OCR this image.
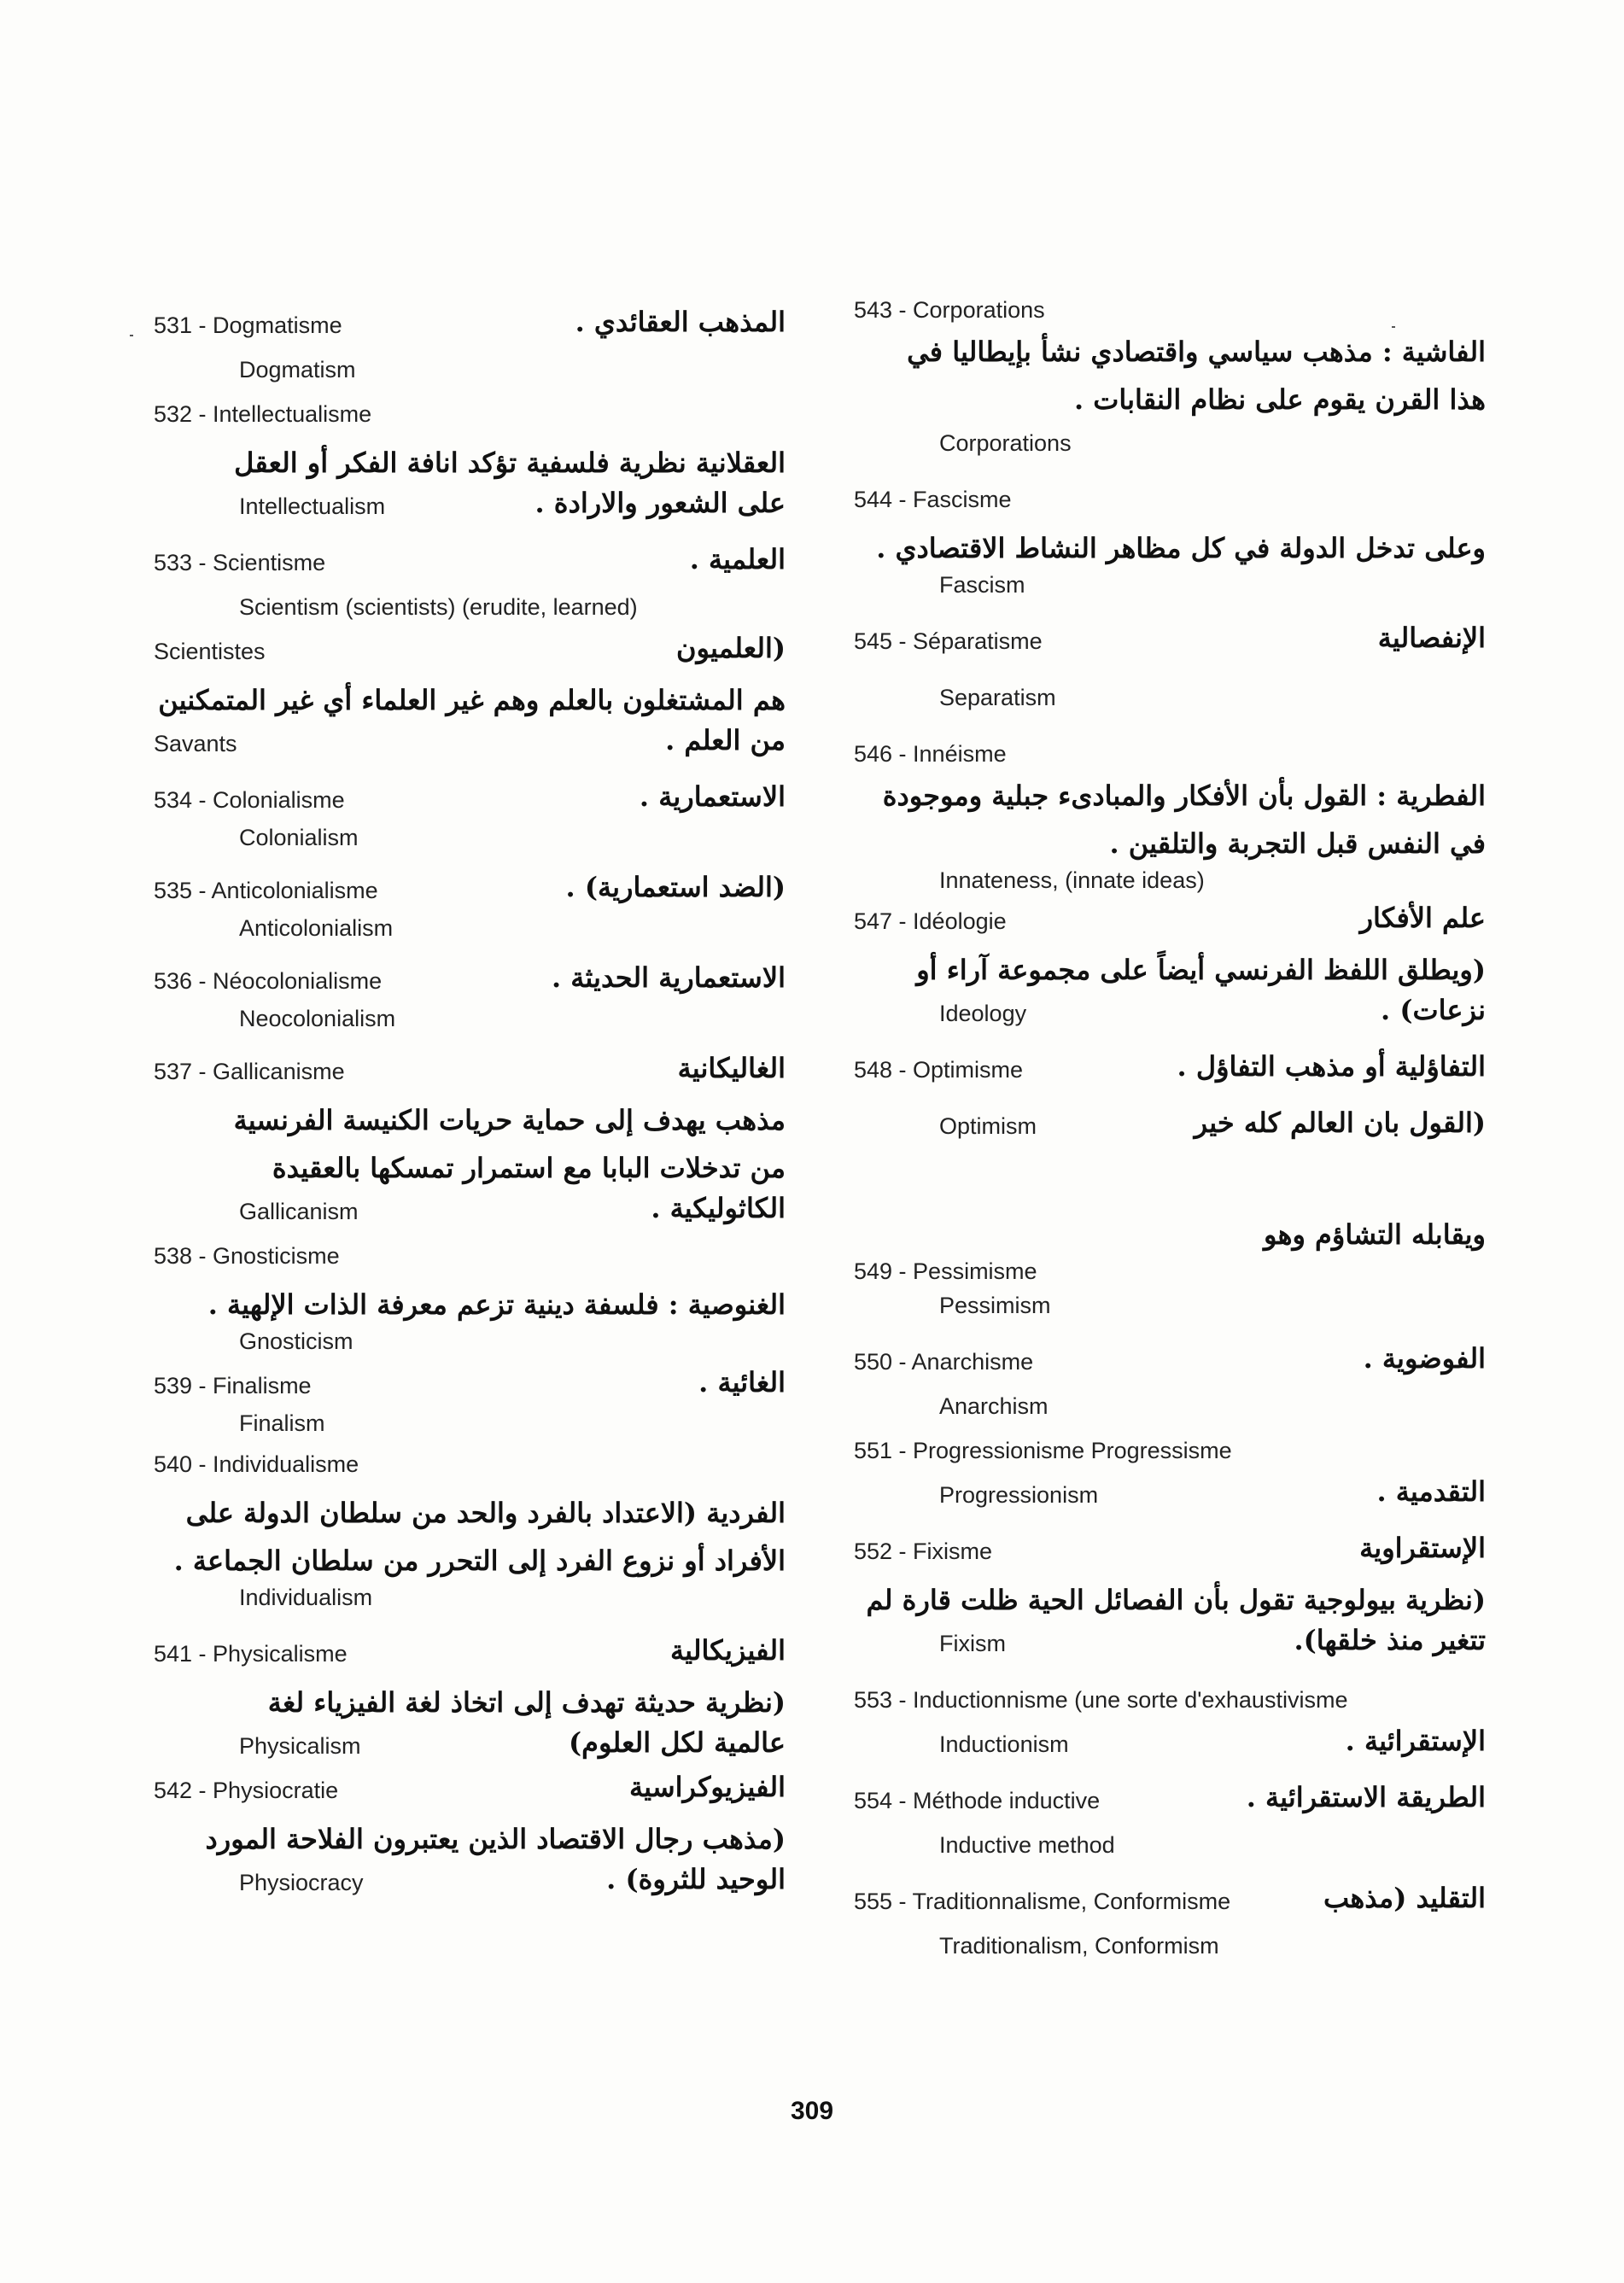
531 - Dogmatisme	المذهب العقائدي .
Dogmatism
532 - Intellectualisme
العقلانية نظرية فلسفية تؤكد انافة الفكر أو العقل
Intellectualism	على الشعور والارادة .
533 - Scientisme	العلمية .
Scientism (scientists) (erudite, learned)
Scientistes	(العلميون
هم المشتغلون بالعلم وهم غير العلماء أي غير المتمكنين
Savants	من العلم .
534 - Colonialisme	الاستعمارية .
Colonialism
535 - Anticolonialisme	(الضد استعمارية) .
Anticolonialism
536 - Néocolonialisme	الاستعمارية الحديثة .
Neocolonialism
537 - Gallicanisme	الغاليكانية
مذهب يهدف إلى حماية حريات الكنيسة الفرنسية
من تدخلات البابا مع استمرار تمسكها بالعقيدة
Gallicanism	الكاثوليكية .
538 - Gnosticisme
الغنوصية : فلسفة دينية تزعم معرفة الذات الإلهية .
Gnosticism
539 - Finalisme	الغائية .
Finalism
540 - Individualisme
الفردية (الاعتداد بالفرد والحد من سلطان الدولة على
الأفراد أو نزوع الفرد إلى التحرر من سلطان الجماعة .
Individualism
541 - Physicalisme	الفيزيكالية
(نظرية حديثة تهدف إلى اتخاذ لغة الفيزياء لغة
Physicalism	عالمية لكل العلوم)
542 - Physiocratie	الفيزيوكراسية
(مذهب رجال الاقتصاد الذين يعتبرون الفلاحة المورد
Physiocracy	الوحيد للثروة) .
543 - Corporations
الفاشية : مذهب سياسي واقتصادي نشأ بإيطاليا في
هذا القرن يقوم على نظام النقابات .
Corporations
544 - Fascisme
وعلى تدخل الدولة في كل مظاهر النشاط الاقتصادي .
Fascism
545 - Séparatisme	الإنفصالية
Separatism
546 - Innéisme
الفطرية : القول بأن الأفكار والمبادىء جبلية وموجودة
في النفس قبل التجربة والتلقين .
Innateness, (innate ideas)
547 - Idéologie	علم الأفكار
(ويطلق اللفظ الفرنسي أيضاً على مجموعة آراء أو
Ideology	نزعات) .
548 - Optimisme	التفاؤلية أو مذهب التفاؤل .
Optimism	(القول بان العالم كله خير
ويقابله التشاؤم وهو
549 - Pessimisme
Pessimism
550 - Anarchisme	الفوضوية .
Anarchism
551 - Progressionisme Progressisme
Progressionism	التقدمية .
552 - Fixisme	الإستقراوية
(نظرية بيولوجية تقول بأن الفصائل الحية ظلت قارة لم
Fixism	تتغير منذ خلقها).
553 - Inductionnisme (une sorte d'exhaustivisme
Inductionism	الإستقرائية .
554 - Méthode inductive	الطريقة الاستقرائية .
Inductive method
555 - Traditionnalisme, Conformisme	التقليد (مذهب
Traditionalism, Conformism
309
